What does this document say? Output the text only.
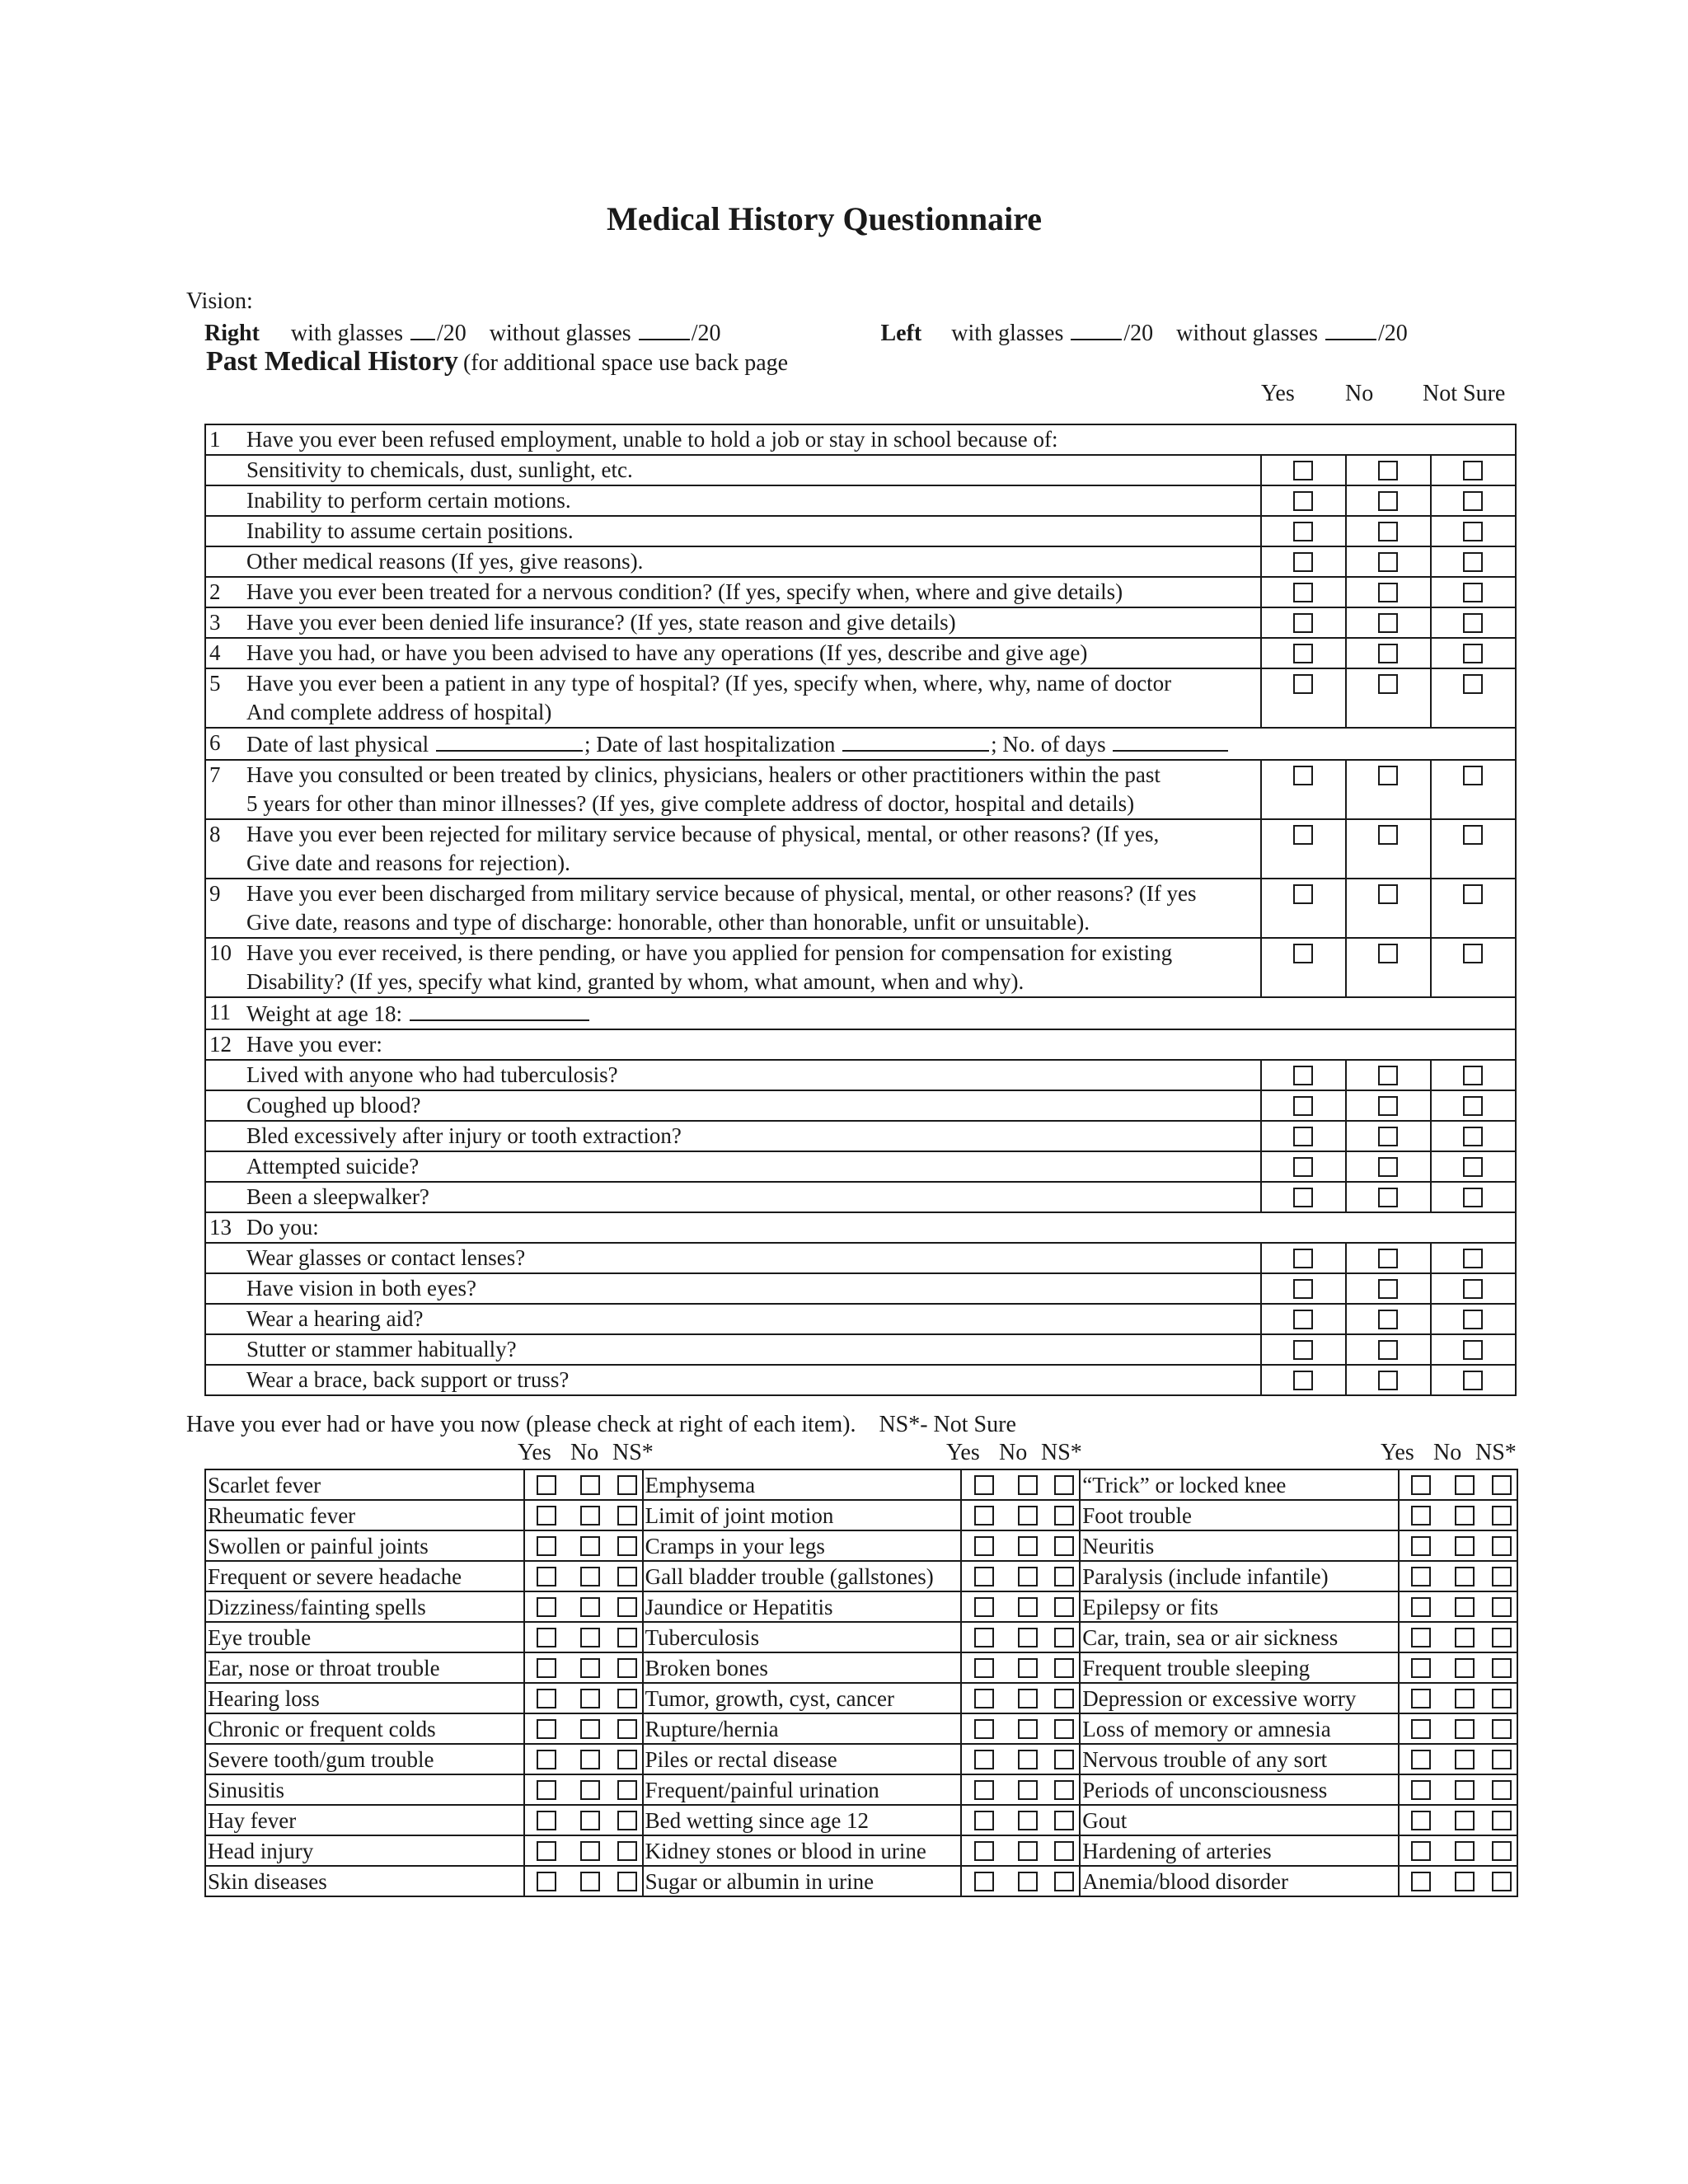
Medical History Questionnaire
Vision:
Right with glasses /20 without glasses	/20	Left with glasses	/20 without glasses	/20
Past Medical History (for additional space use back page
Yes No Not Sure
1	Have you ever been refused employment, unable to hold a job or stay in school because of:			
	Sensitivity to chemicals, dust, sunlight, etc.			
	Inability to perform certain motions.			
	Inability to assume certain positions.			
	Other medical reasons (If yes, give reasons).			
2	Have you ever been treated for a nervous condition? (If yes, specify when, where and give details)			
3	Have you ever been denied life insurance? (If yes, state reason and give details)			
4	Have you had, or have you been advised to have any operations (If yes, describe and give age)			
5	Have you ever been a patient in any type of hospital? (If yes, specify when, where, why, name of doctor
And complete address of hospital)			

6	Date of last physical ; Date of last hospitalization ; No. of days			
7	Have you consulted or been treated by clinics, physicians, healers or other practitioners within the past
5 years for other than minor illnesses? (If yes, give complete address of doctor, hospital and details)			

8	Have you ever been rejected for military service because of physical, mental, or other reasons? (If yes,
Give date and reasons for rejection).			

9	Have you ever been discharged from military service because of physical, mental, or other reasons? (If yes
Give date, reasons and type of discharge: honorable, other than honorable, unfit or unsuitable).			

10	Have you ever received, is there pending, or have you applied for pension for compensation for existing
Disability? (If yes, specify what kind, granted by whom, what amount, when and why).			

11	Weight at age 18:			
12	Have you ever:			
	Lived with anyone who had tuberculosis?			
	Coughed up blood?			
	Bled excessively after injury or tooth extraction?			
	Attempted suicide?			
	Been a sleepwalker?			
13	Do you:			
	Wear glasses or contact lenses?			
	Have vision in both eyes?			
	Wear a hearing aid?			
	Stutter or stammer habitually?			
	Wear a brace, back support or truss?			
Have you ever had or have you now (please check at right of each item). NS*- Not Sure
Yes No NS*	Yes No NS*	Yes No NS*
Scarlet fever				Emphysema				“Trick” or locked knee			
Rheumatic fever				Limit of joint motion				Foot trouble			
Swollen or painful joints				Cramps in your legs				Neuritis			
Frequent or severe headache				Gall bladder trouble (gallstones)				Paralysis (include infantile)			
Dizziness/fainting spells				Jaundice or Hepatitis				Epilepsy or fits			
Eye trouble				Tuberculosis				Car, train, sea or air sickness			
Ear, nose or throat trouble				Broken bones				Frequent trouble sleeping			
Hearing loss				Tumor, growth, cyst, cancer				Depression or excessive worry			
Chronic or frequent colds				Rupture/hernia				Loss of memory or amnesia			
Severe tooth/gum trouble				Piles or rectal disease				Nervous trouble of any sort			
Sinusitis				Frequent/painful urination				Periods of unconsciousness			
Hay fever				Bed wetting since age 12				Gout			
Head injury				Kidney stones or blood in urine				Hardening of arteries			
Skin diseases				Sugar or albumin in urine				Anemia/blood disorder			
